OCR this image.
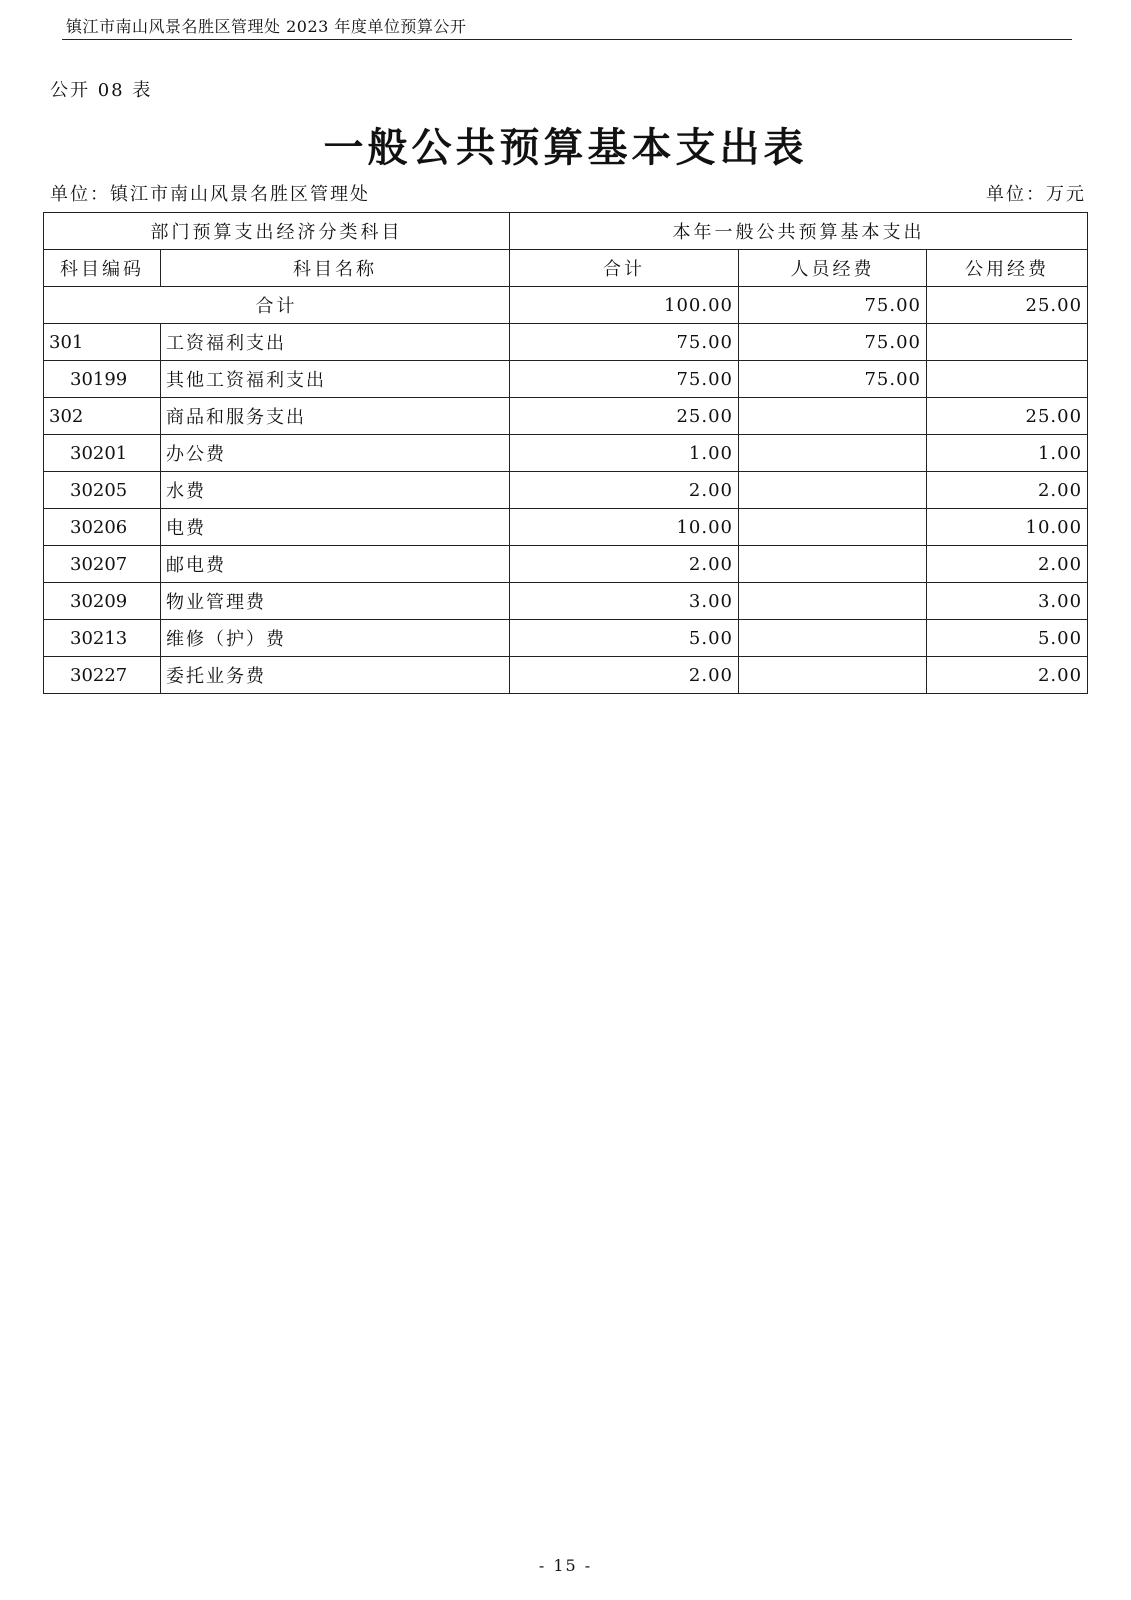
镇江市南山风景名胜区管理处 2023 年度单位预算公开
公开 08 表
一般公共预算基本支出表
单位：镇江市南山风景名胜区管理处	单位：万元
部门预算支出经济分类科目		本年一般公共预算基本支出		
科目编码	科目名称	合计	人员经费	公用经费
合计		100.00	75.00	25.00
301	工资福利支出	75.00	75.00	
30199	其他工资福利支出	75.00	75.00	
302	商品和服务支出	25.00		25.00
30201	办公费	1.00		1.00
30205	水费	2.00		2.00
30206	电费	10.00		10.00
30207	邮电费	2.00		2.00
30209	物业管理费	3.00		3.00
30213	维修（护）费	5.00		5.00
30227	委托业务费	2.00		2.00
- 15 -
